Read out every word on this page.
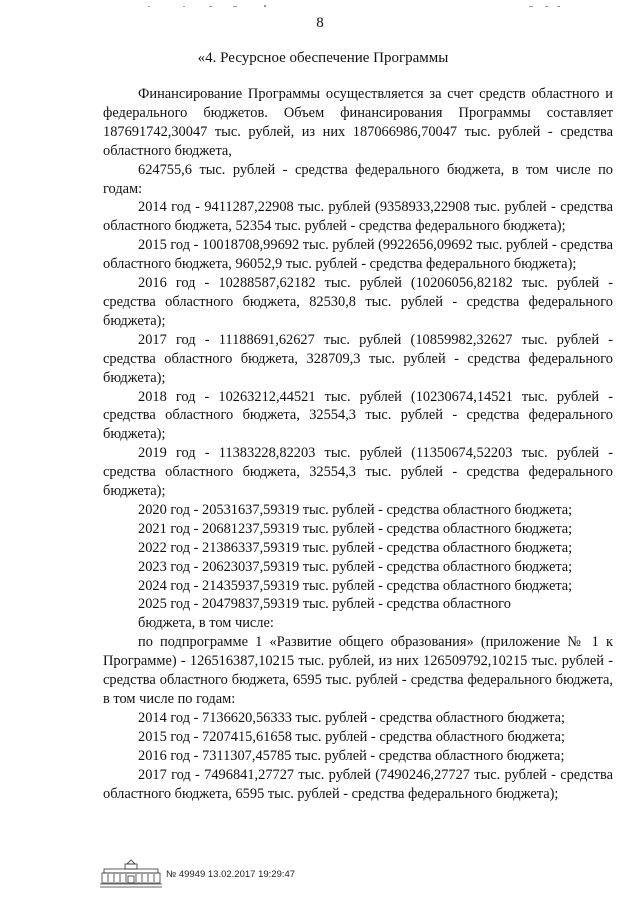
8
«4. Ресурсное обеспечение Программы

Финансирование Программы осуществляется за счет средств областного и федерального бюджетов. Объем финансирования Программы составляет 187691742,30047 тыс. рублей, из них 187066986,70047 тыс. рублей - средства областного бюджета,

624755,6 тыс. рублей - средства федерального бюджета, в том числе по годам:

2014 год - 9411287,22908 тыс. рублей (9358933,22908 тыс. рублей - средства областного бюджета, 52354 тыс. рублей - средства федерального бюджета);

2015 год - 10018708,99692 тыс. рублей (9922656,09692 тыс. рублей - средства областного бюджета, 96052,9 тыс. рублей - средства федерального бюджета);

2016 год - 10288587,62182 тыс. рублей (10206056,82182 тыс. рублей - средства областного бюджета, 82530,8 тыс. рублей - средства федерального бюджета);

2017 год - 11188691,62627 тыс. рублей (10859982,32627 тыс. рублей - средства областного бюджета, 328709,3 тыс. рублей - средства федерального бюджета);

2018 год - 10263212,44521 тыс. рублей (10230674,14521 тыс. рублей - средства областного бюджета, 32554,3 тыс. рублей - средства федерального бюджета);

2019 год - 11383228,82203 тыс. рублей (11350674,52203 тыс. рублей - средства областного бюджета, 32554,3 тыс. рублей - средства федерального бюджета);

2020 год - 20531637,59319 тыс. рублей - средства областного бюджета;

2021 год - 20681237,59319 тыс. рублей - средства областного бюджета;

2022 год - 21386337,59319 тыс. рублей - средства областного бюджета;

2023 год - 20623037,59319 тыс. рублей - средства областного бюджета;

2024 год - 21435937,59319 тыс. рублей - средства областного бюджета;

2025 год - 20479837,59319 тыс. рублей - средства областного

бюджета, в том числе:

по подпрограмме 1 «Развитие общего образования» (приложение № 1 к Программе) - 126516387,10215 тыс. рублей, из них 126509792,10215 тыс. рублей - средства областного бюджета, 6595 тыс. рублей - средства федерального бюджета, в том числе по годам:

2014 год - 7136620,56333 тыс. рублей - средства областного бюджета;

2015 год - 7207415,61658 тыс. рублей - средства областного бюджета;

2016 год - 7311307,45785 тыс. рублей - средства областного бюджета;

2017 год - 7496841,27727 тыс. рублей (7490246,27727 тыс. рублей - средства областного бюджета, 6595 тыс. рублей - средства федерального бюджета);

№ 49949 13.02.2017 19:29:47
